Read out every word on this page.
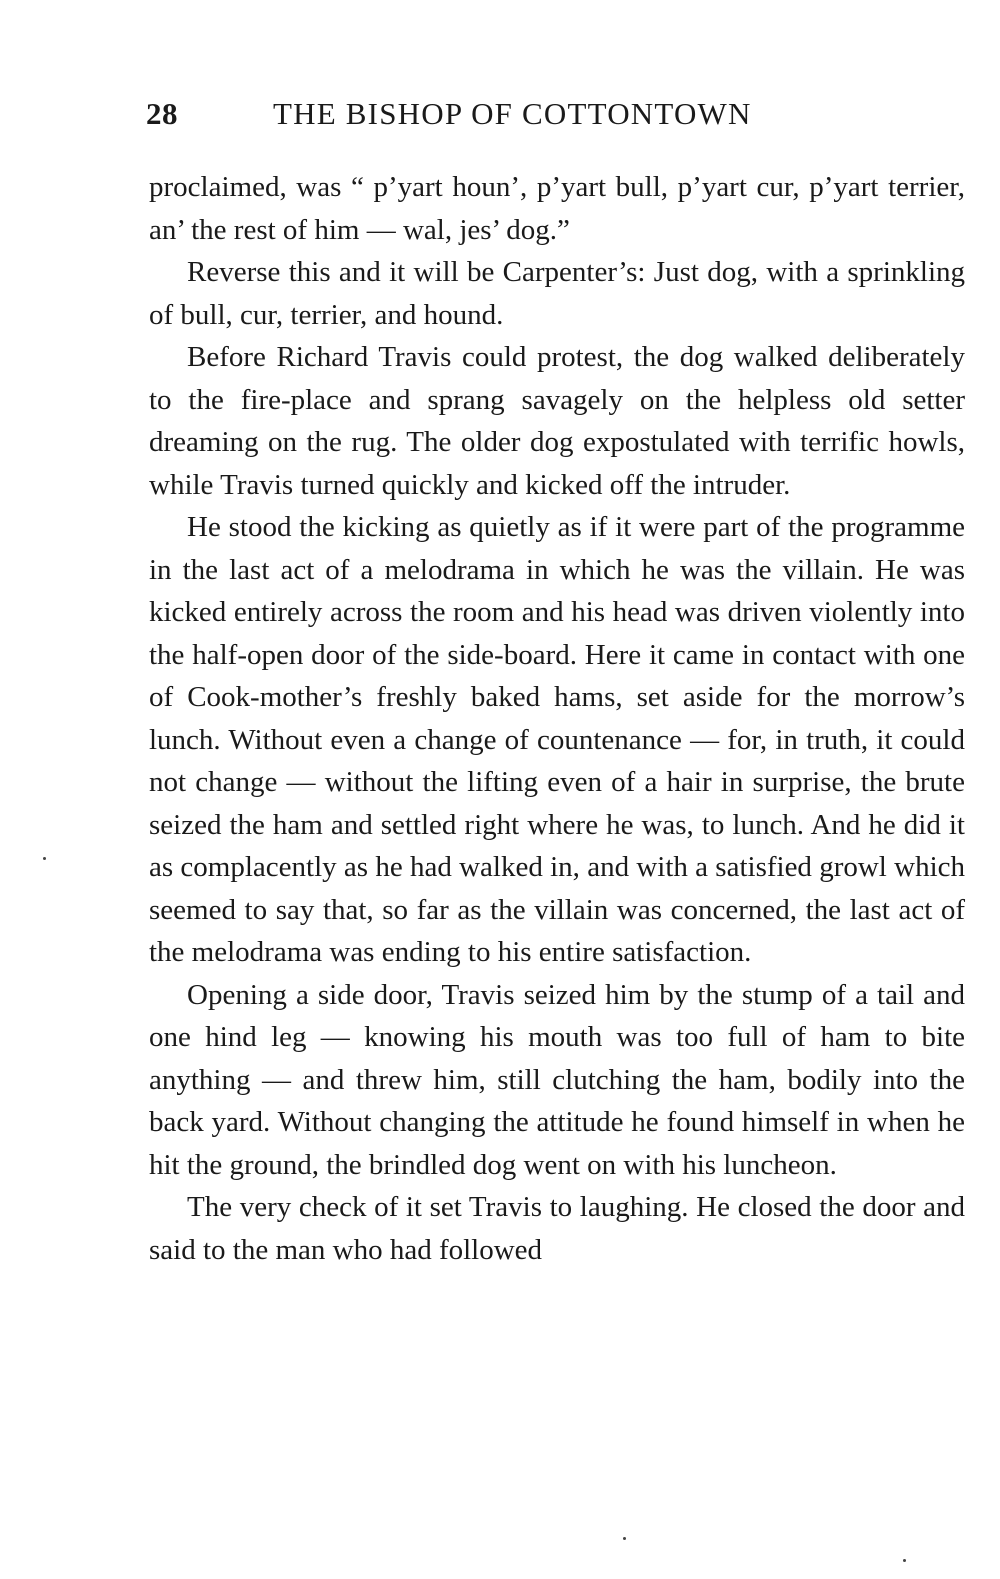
28	THE BISHOP OF COTTONTOWN

proclaimed, was “ p’yart houn’, p’yart bull, p’yart cur, p’yart terrier, an’ the rest of him — wal, jes’ dog.”

Reverse this and it will be Carpenter’s: Just dog, with a sprinkling of bull, cur, terrier, and hound.

Before Richard Travis could protest, the dog walked deliberately to the fire-place and sprang savagely on the helpless old setter dreaming on the rug. The older dog expostulated with terrific howls, while Travis turned quickly and kicked off the intruder.

He stood the kicking as quietly as if it were part of the programme in the last act of a melodrama in which he was the villain. He was kicked entirely across the room and his head was driven violently into the half-open door of the side-board. Here it came in contact with one of Cook-mother’s freshly baked hams, set aside for the morrow’s lunch. Without even a change of countenance — for, in truth, it could not change — without the lifting even of a hair in surprise, the brute seized the ham and settled right where he was, to lunch. And he did it as complacently as he had walked in, and with a satisfied growl which seemed to say that, so far as the villain was concerned, the last act of the melodrama was ending to his entire satisfaction.

Opening a side door, Travis seized him by the stump of a tail and one hind leg — knowing his mouth was too full of ham to bite anything — and threw him, still clutching the ham, bodily into the back yard. Without changing the attitude he found himself in when he hit the ground, the brindled dog went on with his luncheon.

The very check of it set Travis to laughing. He closed the door and said to the man who had followed
